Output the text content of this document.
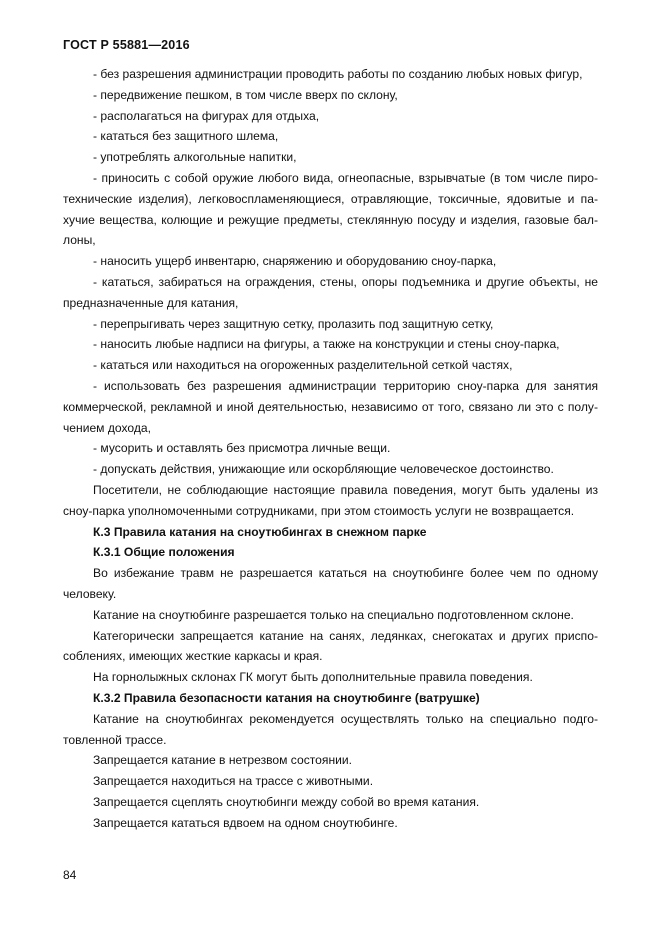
ГОСТ Р 55881—2016

- без разрешения администрации проводить работы по созданию любых новых фигур,

- передвижение пешком, в том числе вверх по склону,

- располагаться на фигурах для отдыха,

- кататься без защитного шлема,

- употреблять алкогольные напитки,

- приносить с собой оружие любого вида, огнеопасные, взрывчатые (в том числе пиро-технические изделия), легковоспламеняющиеся, отравляющие, токсичные, ядовитые и па-хучие вещества, колющие и режущие предметы, стеклянную посуду и изделия, газовые бал-лоны,

- наносить ущерб инвентарю, снаряжению и оборудованию сноу-парка,

- кататься, забираться на ограждения, стены, опоры подъемника и другие объекты, не предназначенные для катания,

- перепрыгивать через защитную сетку, пролазить под защитную сетку,

- наносить любые надписи на фигуры, а также на конструкции и стены сноу-парка,

- кататься или находиться на огороженных разделительной сеткой частях,

- использовать без разрешения администрации территорию сноу-парка для занятия коммерческой, рекламной и иной деятельностью, независимо от того, связано ли это с полу-чением дохода,

- мусорить и оставлять без присмотра личные вещи.

- допускать действия, унижающие или оскорбляющие человеческое достоинство.

Посетители, не соблюдающие настоящие правила поведения, могут быть удалены из сноу-парка уполномоченными сотрудниками, при этом стоимость услуги не возвращается.

К.3 Правила катания на сноутюбингах в снежном парке

К.3.1 Общие положения

Во избежание травм не разрешается кататься на сноутюбинге более чем по одному человеку.

Катание на сноутюбинге разрешается только на специально подготовленном склоне.

Категорически запрещается катание на санях, ледянках, снегокатах и других приспо-соблениях, имеющих жесткие каркасы и края.

На горнолыжных склонах ГК могут быть дополнительные правила поведения.

К.3.2 Правила безопасности катания на сноутюбинге (ватрушке)

Катание на сноутюбингах рекомендуется осуществлять только на специально подго-товленной трассе.

Запрещается катание в нетрезвом состоянии.

Запрещается находиться на трассе с животными.

Запрещается сцеплять сноутюбинги между собой во время катания.

Запрещается кататься вдвоем на одном сноутюбинге.

84
